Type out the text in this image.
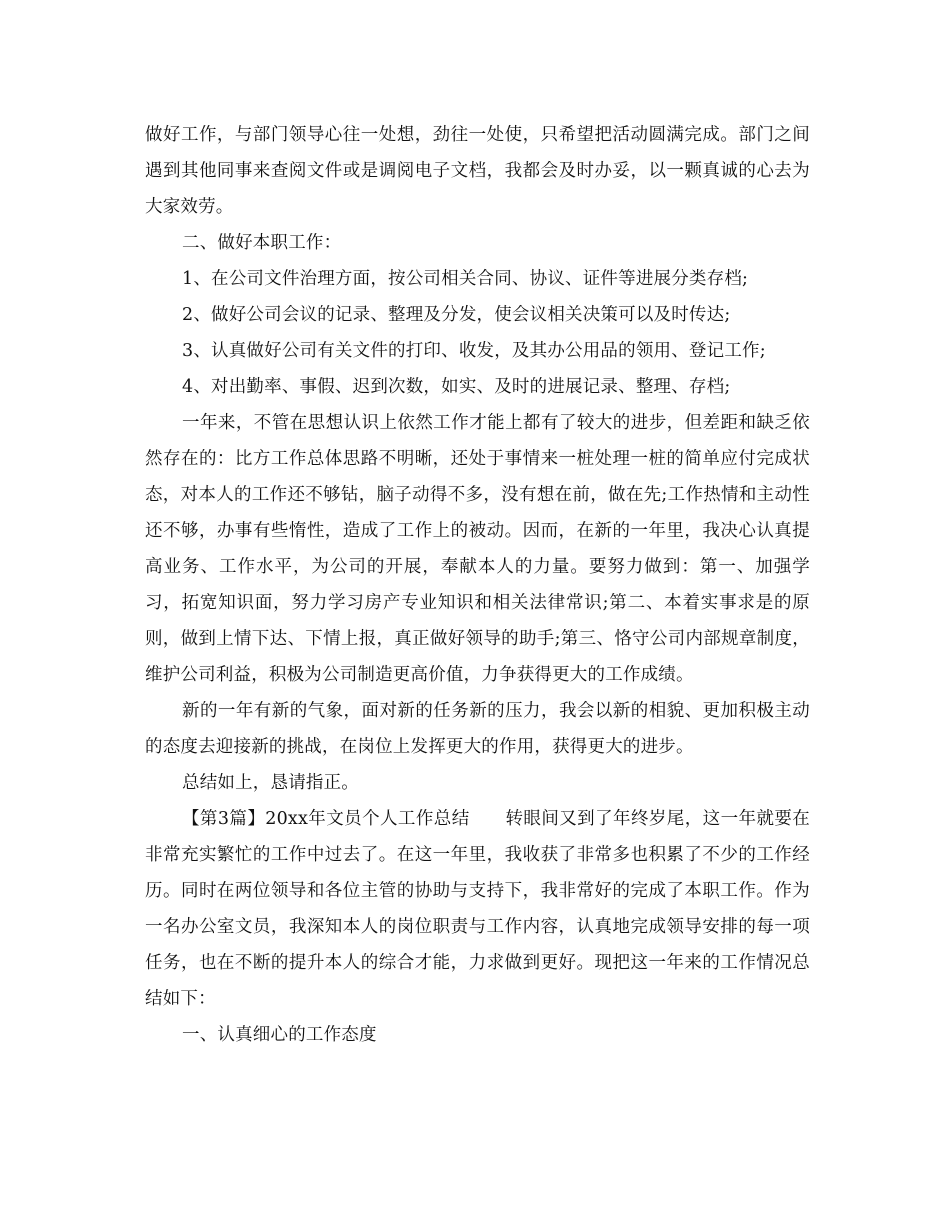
做好工作，与部门领导心往一处想，劲往一处使，只希望把活动圆满完成。部门之间遇到其他同事来查阅文件或是调阅电子文档，我都会及时办妥，以一颗真诚的心去为大家效劳。

二、做好本职工作：

1、在公司文件治理方面，按公司相关合同、协议、证件等进展分类存档;

2、做好公司会议的记录、整理及分发，使会议相关决策可以及时传达;

3、认真做好公司有关文件的打印、收发，及其办公用品的领用、登记工作;

4、对出勤率、事假、迟到次数，如实、及时的进展记录、整理、存档;

一年来，不管在思想认识上依然工作才能上都有了较大的进步，但差距和缺乏依然存在的：比方工作总体思路不明晰，还处于事情来一桩处理一桩的简单应付完成状态，对本人的工作还不够钻，脑子动得不多，没有想在前，做在先;工作热情和主动性还不够，办事有些惰性，造成了工作上的被动。因而，在新的一年里，我决心认真提高业务、工作水平，为公司的开展，奉献本人的力量。要努力做到：第一、加强学习，拓宽知识面，努力学习房产专业知识和相关法律常识;第二、本着实事求是的原则，做到上情下达、下情上报，真正做好领导的助手;第三、恪守公司内部规章制度，维护公司利益，积极为公司制造更高价值，力争获得更大的工作成绩。

新的一年有新的气象，面对新的任务新的压力，我会以新的相貌、更加积极主动的态度去迎接新的挑战，在岗位上发挥更大的作用，获得更大的进步。

总结如上，恳请指正。

【第3篇】20xx年文员个人工作总结　　转眼间又到了年终岁尾，这一年就要在非常充实繁忙的工作中过去了。在这一年里，我收获了非常多也积累了不少的工作经历。同时在两位领导和各位主管的协助与支持下，我非常好的完成了本职工作。作为一名办公室文员，我深知本人的岗位职责与工作内容，认真地完成领导安排的每一项任务，也在不断的提升本人的综合才能，力求做到更好。现把这一年来的工作情况总结如下：

一、认真细心的工作态度
